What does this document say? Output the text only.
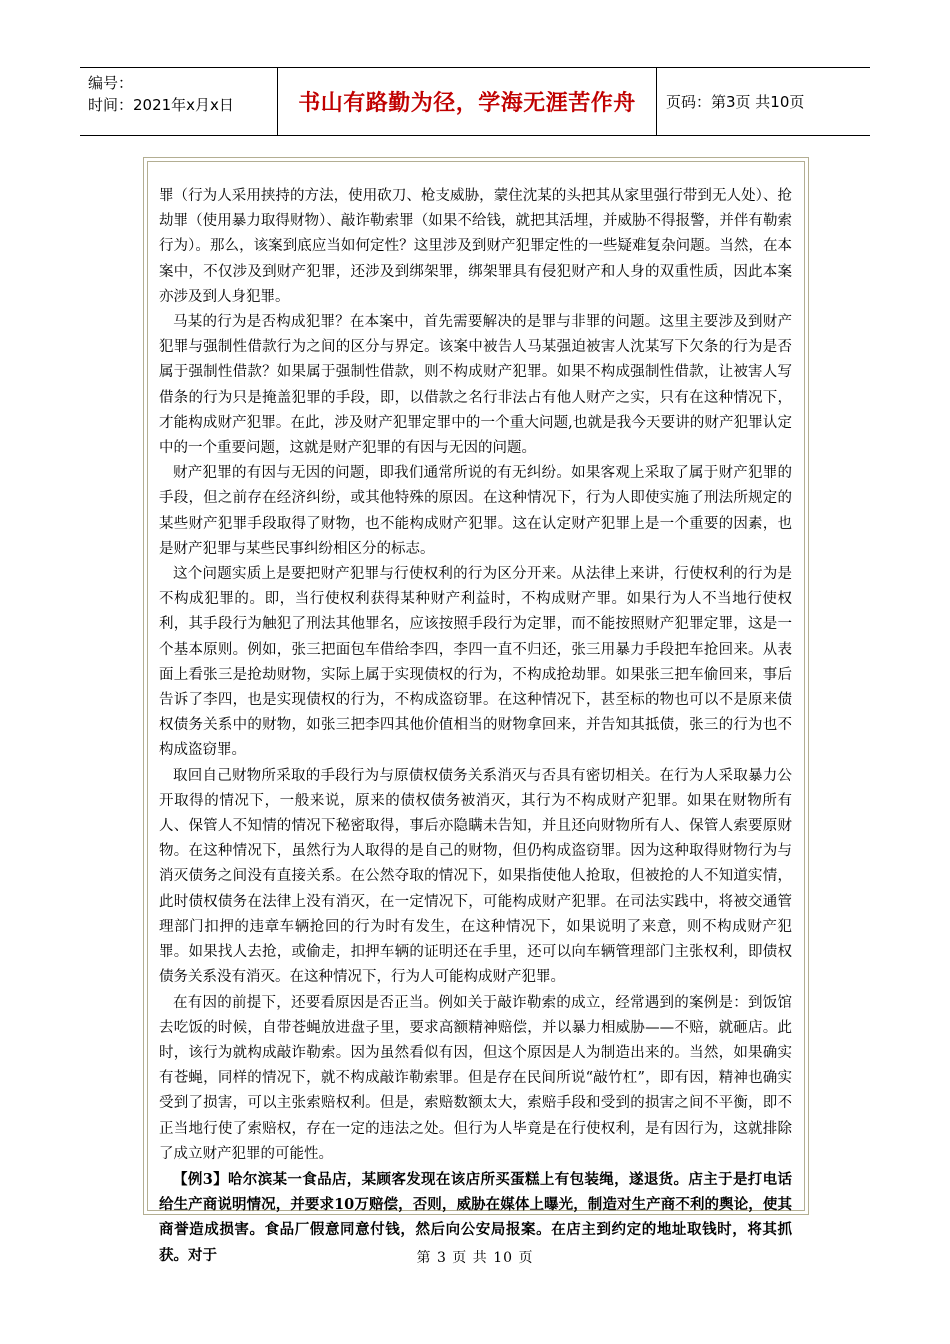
编号：
时间：2021年x月x日	书山有路勤为径，学海无涯苦作舟	页码：第3页 共10页

罪（行为人采用挟持的方法，使用砍刀、枪支威胁，蒙住沈某的头把其从家里强行带到无人处）、抢劫罪（使用暴力取得财物）、敲诈勒索罪（如果不给钱，就把其活埋，并威胁不得报警，并伴有勒索行为）。那么，该案到底应当如何定性？这里涉及到财产犯罪定性的一些疑难复杂问题。当然，在本案中，不仅涉及到财产犯罪，还涉及到绑架罪，绑架罪具有侵犯财产和人身的双重性质，因此本案亦涉及到人身犯罪。

马某的行为是否构成犯罪？在本案中，首先需要解决的是罪与非罪的问题。这里主要涉及到财产犯罪与强制性借款行为之间的区分与界定。该案中被告人马某强迫被害人沈某写下欠条的行为是否属于强制性借款？如果属于强制性借款，则不构成财产犯罪。如果不构成强制性借款，让被害人写借条的行为只是掩盖犯罪的手段，即，以借款之名行非法占有他人财产之实，只有在这种情况下，才能构成财产犯罪。在此，涉及财产犯罪定罪中的一个重大问题,也就是我今天要讲的财产犯罪认定中的一个重要问题，这就是财产犯罪的有因与无因的问题。

财产犯罪的有因与无因的问题，即我们通常所说的有无纠纷。如果客观上采取了属于财产犯罪的手段，但之前存在经济纠纷，或其他特殊的原因。在这种情况下，行为人即使实施了刑法所规定的某些财产犯罪手段取得了财物，也不能构成财产犯罪。这在认定财产犯罪上是一个重要的因素，也是财产犯罪与某些民事纠纷相区分的标志。

这个问题实质上是要把财产犯罪与行使权利的行为区分开来。从法律上来讲，行使权利的行为是不构成犯罪的。即，当行使权利获得某种财产利益时，不构成财产罪。如果行为人不当地行使权利，其手段行为触犯了刑法其他罪名，应该按照手段行为定罪，而不能按照财产犯罪定罪，这是一个基本原则。例如，张三把面包车借给李四，李四一直不归还，张三用暴力手段把车抢回来。从表面上看张三是抢劫财物，实际上属于实现债权的行为，不构成抢劫罪。如果张三把车偷回来，事后告诉了李四，也是实现债权的行为，不构成盗窃罪。在这种情况下，甚至标的物也可以不是原来债权债务关系中的财物，如张三把李四其他价值相当的财物拿回来，并告知其抵债，张三的行为也不构成盗窃罪。

取回自己财物所采取的手段行为与原债权债务关系消灭与否具有密切相关。在行为人采取暴力公开取得的情况下，一般来说，原来的债权债务被消灭，其行为不构成财产犯罪。如果在财物所有人、保管人不知情的情况下秘密取得，事后亦隐瞒未告知，并且还向财物所有人、保管人索要原财物。在这种情况下，虽然行为人取得的是自己的财物，但仍构成盗窃罪。因为这种取得财物行为与消灭债务之间没有直接关系。在公然夺取的情况下，如果指使他人抢取，但被抢的人不知道实情，此时债权债务在法律上没有消灭，在一定情况下，可能构成财产犯罪。在司法实践中，将被交通管理部门扣押的违章车辆抢回的行为时有发生，在这种情况下，如果说明了来意，则不构成财产犯罪。如果找人去抢，或偷走，扣押车辆的证明还在手里，还可以向车辆管理部门主张权利，即债权债务关系没有消灭。在这种情况下，行为人可能构成财产犯罪。

在有因的前提下，还要看原因是否正当。例如关于敲诈勒索的成立，经常遇到的案例是：到饭馆去吃饭的时候，自带苍蝇放进盘子里，要求高额精神赔偿，并以暴力相威胁——不赔，就砸店。此时，该行为就构成敲诈勒索。因为虽然看似有因，但这个原因是人为制造出来的。当然，如果确实有苍蝇，同样的情况下，就不构成敲诈勒索罪。但是存在民间所说“敲竹杠”，即有因，精神也确实受到了损害，可以主张索赔权利。但是，索赔数额太大，索赔手段和受到的损害之间不平衡，即不正当地行使了索赔权，存在一定的违法之处。但行为人毕竟是在行使权利，是有因行为，这就排除了成立财产犯罪的可能性。

【例3】哈尔滨某一食品店，某顾客发现在该店所买蛋糕上有包装绳，遂退货。店主于是打电话给生产商说明情况，并要求10万赔偿，否则，威胁在媒体上曝光，制造对生产商不利的舆论，使其商誉造成损害。食品厂假意同意付钱，然后向公安局报案。在店主到约定的地址取钱时，将其抓获。对于	第 3 页 共 10 页
